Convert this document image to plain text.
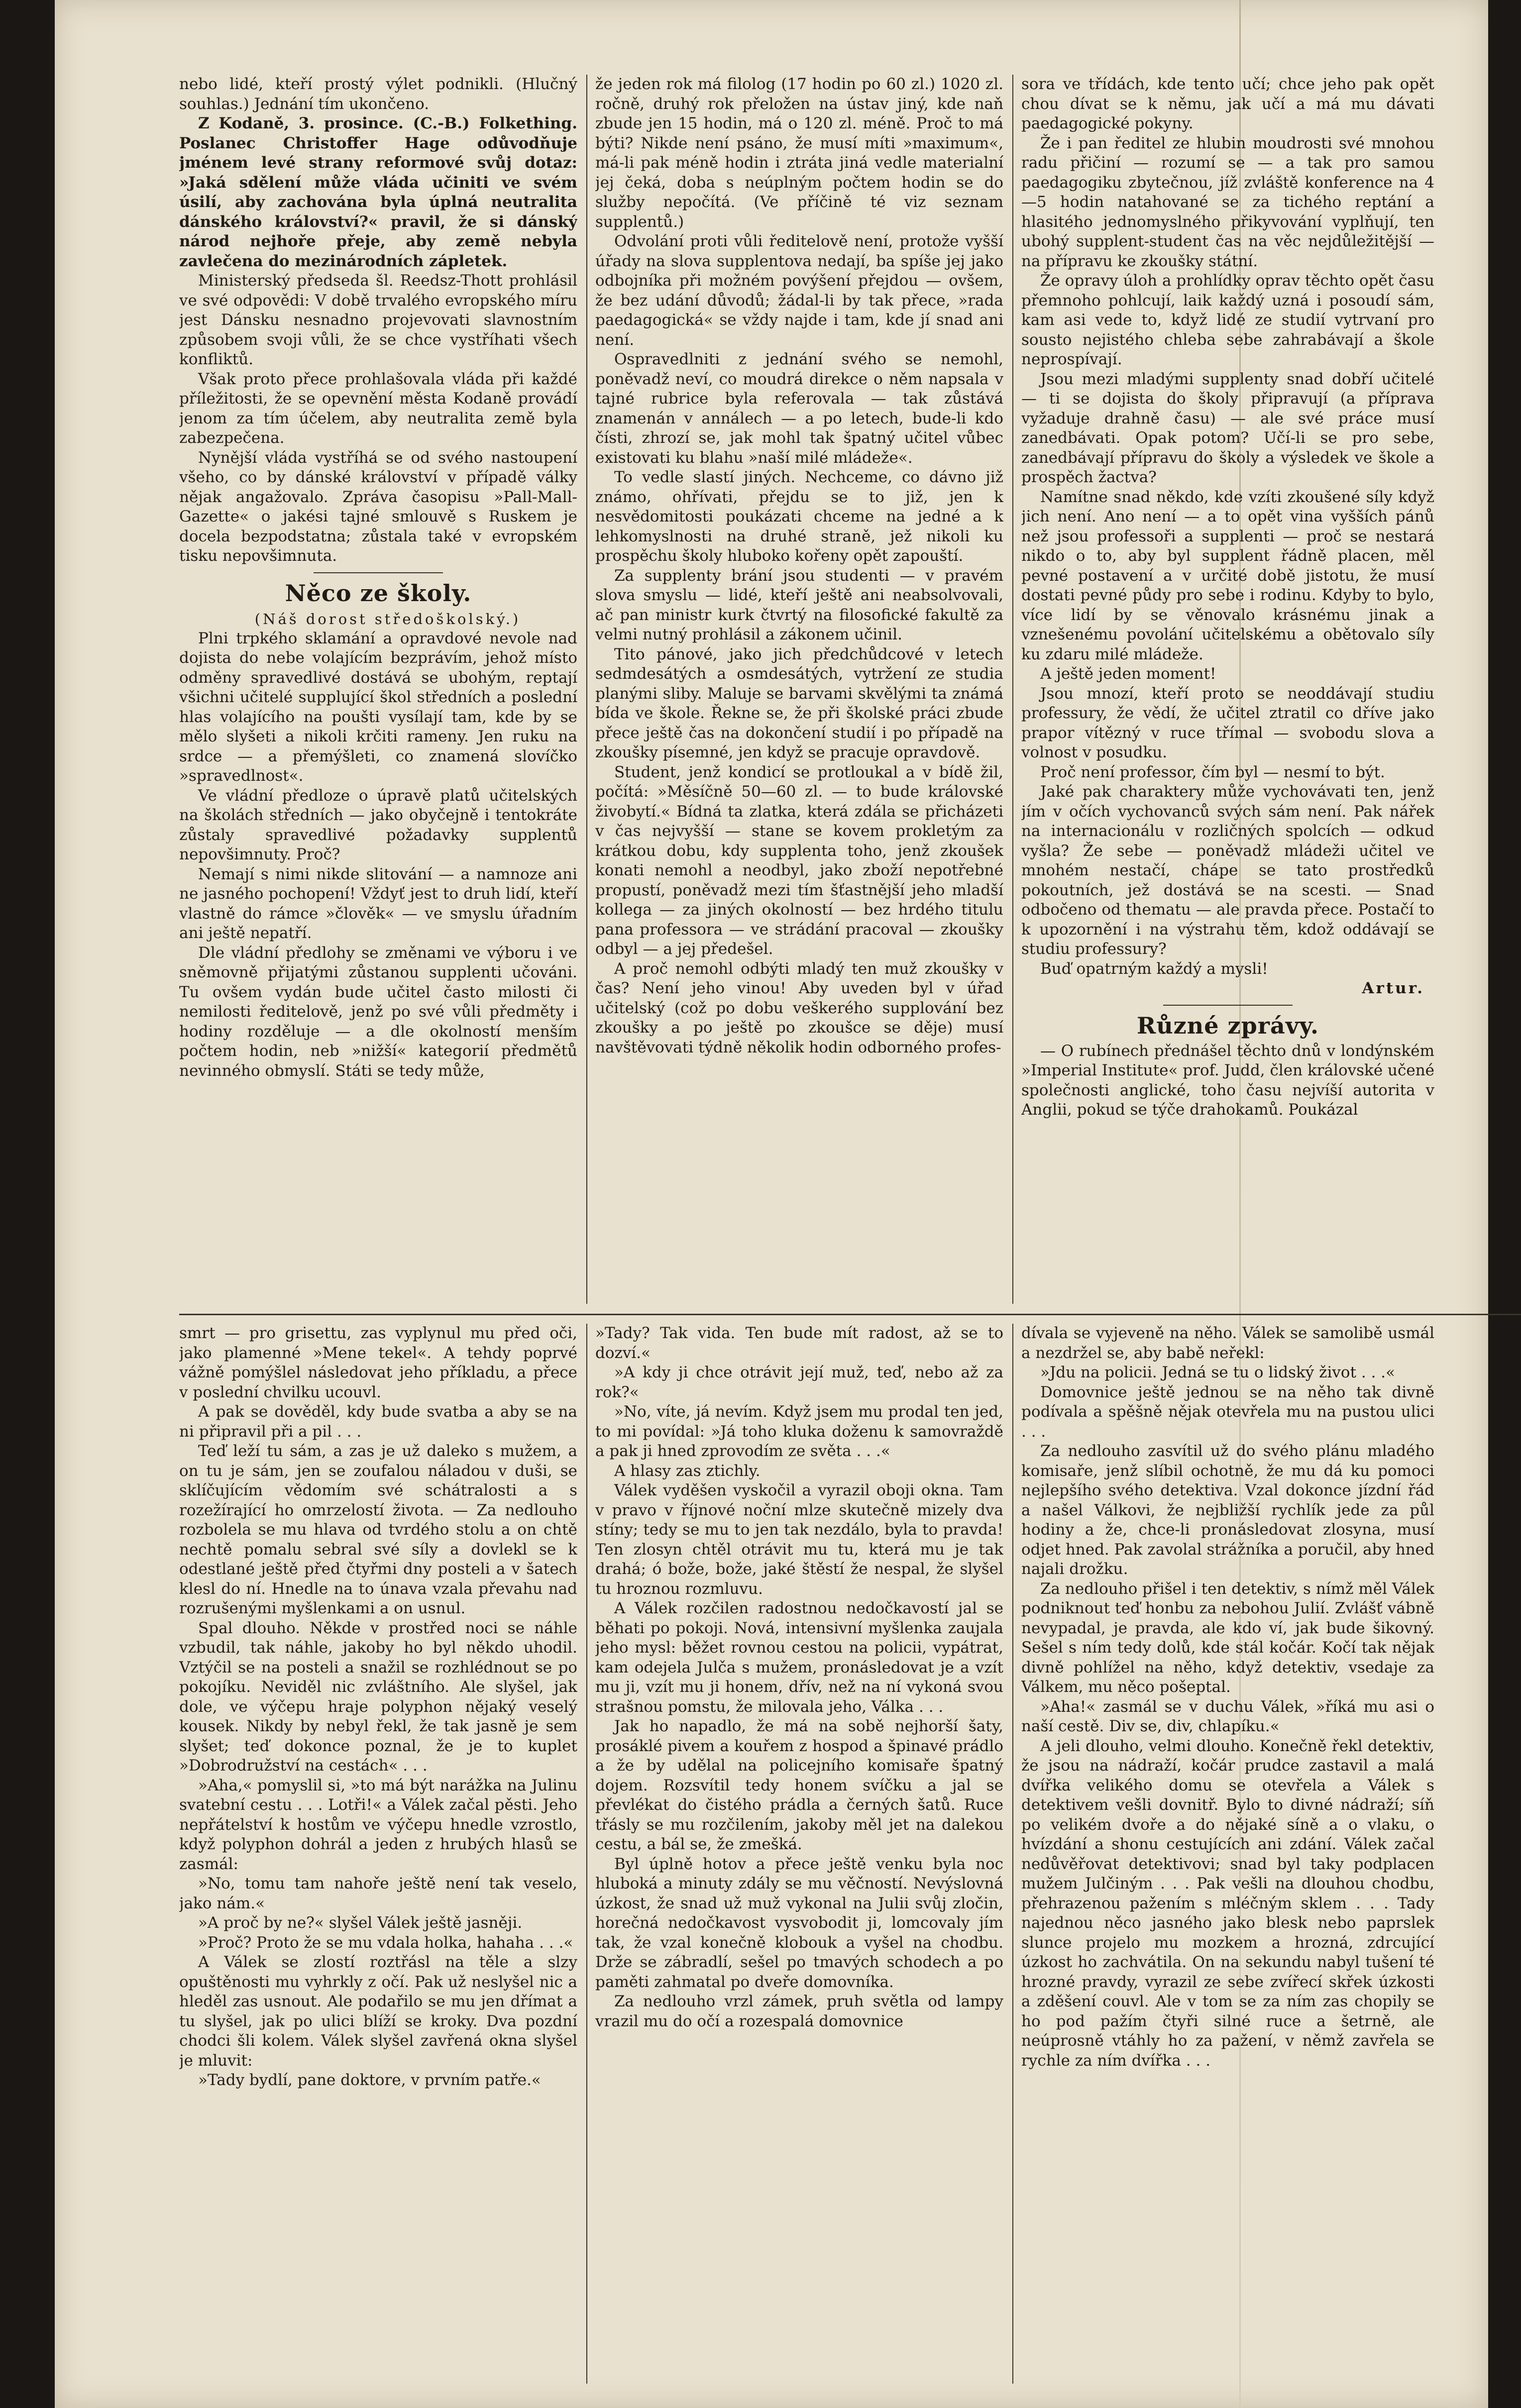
nebo lidé, kteří prostý výlet podnikli. (Hlučný souhlas.) Jednání tím ukončeno.

Z Kodaně, 3. prosince. (C.-B.) Folkething. Poslanec Christoffer Hage odůvodňuje jménem levé strany reformové svůj dotaz: »Jaká sdělení může vláda učiniti ve svém úsilí, aby zachována byla úplná neutralita dánského království?« pravil, že si dánský národ nejhoře přeje, aby země nebyla zavlečena do mezinárodních zápletek.

Ministerský předseda šl. Reedsz-Thott prohlásil ve své odpovědi: V době trvalého evropského míru jest Dánsku nesnadno projevovati slavnostním způsobem svoji vůli, že se chce vystříhati všech konfliktů.

Však proto přece prohlašovala vláda při každé příležitosti, že se opevnění města Kodaně provádí jenom za tím účelem, aby neutralita země byla zabezpečena.

Nynější vláda vystříhá se od svého nastoupení všeho, co by dánské království v případě války nějak angažovalo. Zpráva časopisu »Pall-Mall-Gazette« o jakési tajné smlouvě s Ruskem je docela bezpodstatna; zůstala také v evropském tisku nepovšimnuta.

Něco ze školy.

(Náš dorost středoškolský.)

Plni trpkého sklamání a opravdové nevole nad dojista do nebe volajícím bezprávím, jehož místo odměny spravedlivé dostává se ubohým, reptají všichni učitelé supplující škol středních a poslední hlas volajícího na poušti vysílají tam, kde by se mělo slyšeti a nikoli krčiti rameny. Jen ruku na srdce — a přemýšleti, co znamená slovíčko »spravedlnost«.

Ve vládní předloze o úpravě platů učitelských na školách středních — jako obyčejně i tentokráte zůstaly spravedlivé požadavky supplentů nepovšimnuty. Proč?

Nemají s nimi nikde slitování — a namnoze ani ne jasného pochopení! Vždyť jest to druh lidí, kteří vlastně do rámce »člověk« — ve smyslu úřadním ani ještě nepatří.

Dle vládní předlohy se změnami ve výboru i ve sněmovně přijatými zůstanou supplenti učováni. Tu ovšem vydán bude učitel často milosti či nemilosti ředitelově, jenž po své vůli předměty i hodiny rozděluje — a dle okolností menším počtem hodin, neb »nižší« kategorií předmětů nevinného obmyslí. Státi se tedy může,

že jeden rok má filolog (17 hodin po 60 zl.) 1020 zl. ročně, druhý rok přeložen na ústav jiný, kde naň zbude jen 15 hodin, má o 120 zl. méně. Proč to má býti? Nikde není psáno, že musí míti »maximum«, má-li pak méně hodin i ztráta jiná vedle materialní jej čeká, doba s neúplným počtem hodin se do služby nepočítá. (Ve příčině té viz seznam supplentů.)

Odvolání proti vůli ředitelově není, protože vyšší úřady na slova supplentova nedají, ba spíše jej jako odbojníka při možném povýšení přejdou — ovšem, že bez udání důvodů; žádal-li by tak přece, »rada paedagogická« se vždy najde i tam, kde jí snad ani není.

Ospravedlniti z jednání svého se nemohl, poněvadž neví, co moudrá direkce o něm napsala v tajné rubrice byla referovala — tak zůstává znamenán v annálech — a po letech, bude-li kdo čísti, zhrozí se, jak mohl tak špatný učitel vůbec existovati ku blahu »naší milé mládeže«.

To vedle slastí jiných. Nechceme, co dávno již známo, ohřívati, přejdu se to již, jen k nesvědomitosti poukázati chceme na jedné a k lehkomyslnosti na druhé straně, jež nikoli ku prospěchu školy hluboko kořeny opět zapouští.

Za supplenty brání jsou studenti — v pravém slova smyslu — lidé, kteří ještě ani neabsolvovali, ač pan ministr kurk čtvrtý na filosofické fakultě za velmi nutný prohlásil a zákonem učinil.

Tito pánové, jako jich předchůdcové v letech sedmdesátých a osmdesátých, vytržení ze studia planými sliby. Maluje se barvami skvělými ta známá bída ve škole. Řekne se, že při školské práci zbude přece ještě čas na dokončení studií i po případě na zkoušky písemné, jen když se pracuje opravdově.

Student, jenž kondicí se protloukal a v bídě žil, počítá: »Měsíčně 50—60 zl. — to bude královské živobytí.« Bídná ta zlatka, která zdála se přicházeti v čas nejvyšší — stane se kovem prokletým za krátkou dobu, kdy supplenta toho, jenž zkoušek konati nemohl a neodbyl, jako zboží nepotřebné propustí, poněvadž mezi tím šťastnější jeho mladší kollega — za jiných okolností — bez hrdého titulu pana professora — ve strádání pracoval — zkoušky odbyl — a jej předešel.

A proč nemohl odbýti mladý ten muž zkoušky v čas? Není jeho vinou! Aby uveden byl v úřad učitelský (což po dobu veškerého supplování bez zkoušky a po ještě po zkoušce se děje) musí navštěvovati týdně několik hodin odborného profes-

sora ve třídách, kde tento učí; chce jeho pak opět chou dívat se k němu, jak učí a má mu dávati paedagogické pokyny.

Že i pan ředitel ze hlubin moudrosti své mnohou radu přičiní — rozumí se — a tak pro samou paedagogiku zbytečnou, jíž zvláště konference na 4—5 hodin natahované se za tichého reptání a hlasitého jednomyslného přikyvování vyplňují, ten ubohý supplent-student čas na věc nejdůležitější — na přípravu ke zkoušky státní.

Že opravy úloh a prohlídky oprav těchto opět času přemnoho pohlcují, laik každý uzná i posoudí sám, kam asi vede to, když lidé ze studií vytrvaní pro sousto nejistého chleba sebe zahrabávají a škole neprospívají.

Jsou mezi mladými supplenty snad dobří učitelé — ti se dojista do školy připravují (a příprava vyžaduje drahně času) — ale své práce musí zanedbávati. Opak potom? Učí-li se pro sebe, zanedbávají přípravu do školy a výsledek ve škole a prospěch žactva?

Namítne snad někdo, kde vzíti zkoušené síly když jich není. Ano není — a to opět vina vyšších pánů než jsou professoři a supplenti — proč se nestará nikdo o to, aby byl supplent řádně placen, měl pevné postavení a v určité době jistotu, že musí dostati pevné půdy pro sebe i rodinu. Kdyby to bylo, více lidí by se věnovalo krásnému jinak a vznešenému povolání učitelskému a obětovalo síly ku zdaru milé mládeže.

A ještě jeden moment!

Jsou mnozí, kteří proto se neoddávají studiu professury, že vědí, že učitel ztratil co dříve jako prapor vítězný v ruce třímal — svobodu slova a volnost v posudku.

Proč není professor, čím byl — nesmí to být.

Jaké pak charaktery může vychovávati ten, jenž jím v očích vychovanců svých sám není. Pak nářek na internacionálu v rozličných spolcích — odkud vyšla? Že sebe — poněvadž mládeži učitel ve mnohém nestačí, chápe se tato prostředků pokoutních, jež dostává se na scesti. — Snad odbočeno od thematu — ale pravda přece. Postačí to k upozornění i na výstrahu těm, kdož oddávají se studiu professury?

Buď opatrným každý a mysli!

Artur.

Různé zprávy.

— O rubínech přednášel těchto dnů v londýnském »Imperial Institute« prof. Judd, člen královské učené společnosti anglické, toho času nejvíší autorita v Anglii, pokud se týče drahokamů. Poukázal

smrt — pro grisettu, zas vyplynul mu před oči, jako plamenné »Mene tekel«. A tehdy poprvé vážně pomýšlel následovat jeho příkladu, a přece v poslední chvilku ucouvl.

A pak se dověděl, kdy bude svatba a aby se na ni připravil při a pil . . .

Teď leží tu sám, a zas je už daleko s mužem, a on tu je sám, jen se zoufalou náladou v duši, se sklíčujícím vědomím své schátralosti a s rozežírající ho omrzelostí života. — Za nedlouho rozbolela se mu hlava od tvrdého stolu a on chtě nechtě pomalu sebral své síly a dovlekl se k odestlané ještě před čtyřmi dny posteli a v šatech klesl do ní. Hnedle na to únava vzala převahu nad rozrušenými myšlenkami a on usnul.

Spal dlouho. Někde v prostřed noci se náhle vzbudil, tak náhle, jakoby ho byl někdo uhodil. Vztýčil se na posteli a snažil se rozhlédnout se po pokojíku. Neviděl nic zvláštního. Ale slyšel, jak dole, ve výčepu hraje polyphon nějaký veselý kousek. Nikdy by nebyl řekl, že tak jasně je sem slyšet; teď dokonce poznal, že je to kuplet »Dobrodružství na cestách« . . .

»Aha,« pomyslil si, »to má být narážka na Julinu svatební cestu . . . Lotři!« a Válek začal pěsti. Jeho nepřátelství k hostům ve výčepu hnedle vzrostlo, když polyphon dohrál a jeden z hrubých hlasů se zasmál:

»No, tomu tam nahoře ještě není tak veselo, jako nám.«

»A proč by ne?« slyšel Válek ještě jasněji.

»Proč? Proto že se mu vdala holka, hahaha . . .«

A Válek se zlostí roztřásl na těle a slzy opuštěnosti mu vyhrkly z očí. Pak už neslyšel nic a hleděl zas usnout. Ale podařilo se mu jen dřímat a tu slyšel, jak po ulici blíží se kroky. Dva pozdní chodci šli kolem. Válek slyšel zavřená okna slyšel je mluvit:

»Tady bydlí, pane doktore, v prvním patře.«

»Tady? Tak vida. Ten bude mít radost, až se to dozví.«

»A kdy ji chce otrávit její muž, teď, nebo až za rok?«

»No, víte, já nevím. Když jsem mu prodal ten jed, to mi povídal: »Já toho kluka doženu k samovraždě a pak ji hned zprovodím ze světa . . .«

A hlasy zas ztichly.

Válek vyděšen vyskočil a vyrazil oboji okna. Tam v pravo v říjnové noční mlze skutečně mizely dva stíny; tedy se mu to jen tak nezdálo, byla to pravda! Ten zlosyn chtěl otrávit mu tu, která mu je tak drahá; ó bože, bože, jaké štěstí že nespal, že slyšel tu hroznou rozmluvu.

A Válek rozčilen radostnou nedočkavostí jal se běhati po pokoji. Nová, intensivní myšlenka zaujala jeho mysl: běžet rovnou cestou na policii, vypátrat, kam odejela Julča s mužem, pronásledovat je a vzít mu ji, vzít mu ji honem, dřív, než na ní vykoná svou strašnou pomstu, že milovala jeho, Válka . . .

Jak ho napadlo, že má na sobě nejhorší šaty, prosáklé pivem a kouřem z hospod a špinavé prádlo a že by udělal na policejního komisaře špatný dojem. Rozsvítil tedy honem svíčku a jal se převlékat do čistého prádla a černých šatů. Ruce třásly se mu rozčilením, jakoby měl jet na dalekou cestu, a bál se, že zmešká.

Byl úplně hotov a přece ještě venku byla noc hluboká a minuty zdály se mu věčností. Nevýslovná úzkost, že snad už muž vykonal na Julii svůj zločin, horečná nedočkavost vysvobodit ji, lomcovaly jím tak, že vzal konečně klobouk a vyšel na chodbu. Drže se zábradlí, sešel po tmavých schodech a po paměti zahmatal po dveře domovníka.

Za nedlouho vrzl zámek, pruh světla od lampy vrazil mu do očí a rozespalá domovnice

dívala se vyjeveně na něho. Válek se samolibě usmál a nezdržel se, aby babě neřekl:

»Jdu na policii. Jedná se tu o lidský život . . .«

Domovnice ještě jednou se na něho tak divně podívala a spěšně nějak otevřela mu na pustou ulici . . .

Za nedlouho zasvítil už do svého plánu mladého komisaře, jenž slíbil ochotně, že mu dá ku pomoci nejlepšího svého detektiva. Vzal dokonce jízdní řád a našel Válkovi, že nejbližší rychlík jede za půl hodiny a že, chce-li pronásledovat zlosyna, musí odjet hned. Pak zavolal strážníka a poručil, aby hned najali drožku.

Za nedlouho přišel i ten detektiv, s nímž měl Válek podniknout teď honbu za nebohou Julií. Zvlášť vábně nevypadal, je pravda, ale kdo ví, jak bude šikovný. Sešel s ním tedy dolů, kde stál kočár. Kočí tak nějak divně pohlížel na něho, když detektiv, vsedaje za Válkem, mu něco pošeptal.

»Aha!« zasmál se v duchu Válek, »říká mu asi o naší cestě. Div se, div, chlapíku.«

A jeli dlouho, velmi dlouho. Konečně řekl detektiv, že jsou na nádraží, kočár prudce zastavil a malá dvířka velikého domu se otevřela a Válek s detektivem vešli dovnitř. Bylo to divné nádraží; síň po velikém dvoře a do nějaké síně a o vlaku, o hvízdání a shonu cestujících ani zdání. Válek začal nedůvěřovat detektivovi; snad byl taky podplacen mužem Julčiným . . . Pak vešli na dlouhou chodbu, přehrazenou pažením s mléčným sklem . . . Tady najednou něco jasného jako blesk nebo paprslek slunce projelo mu mozkem a hrozná, zdrcující úzkost ho zachvátila. On na sekundu nabyl tušení té hrozné pravdy, vyrazil ze sebe zvířecí skřek úzkosti a zděšení couvl. Ale v tom se za ním zas chopily se ho pod pažím čtyři silné ruce a šetrně, ale neúprosně vtáhly ho za pažení, v němž zavřela se rychle za ním dvířka . . .
